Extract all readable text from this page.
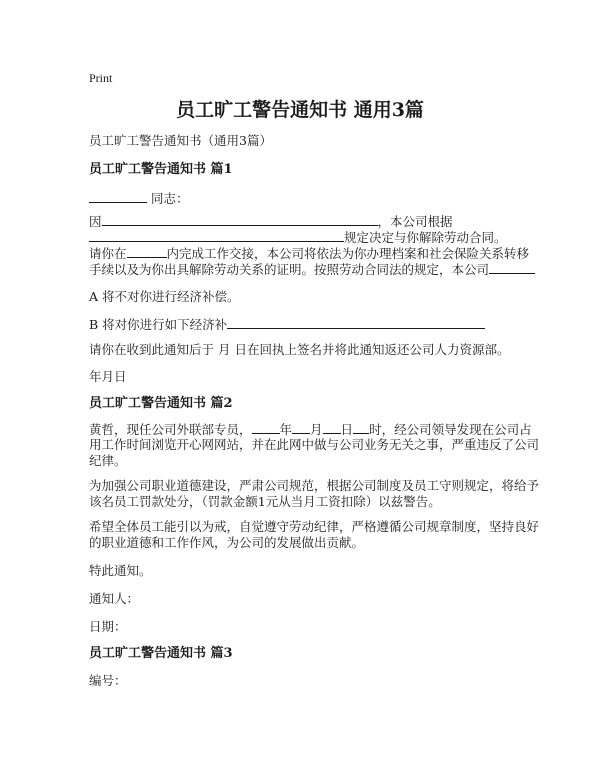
Print

员工旷工警告通知书 通用3篇

员工旷工警告通知书（通用3篇）

员工旷工警告通知书 篇1

同志：

因	，本公司根据

规定决定与你解除劳动合同。

请你在	内完成工作交接，本公司将依法为你办理档案和社会保险关系转移

手续以及为你出具解除劳动关系的证明。按照劳动合同法的规定，本公司

A 将不对你进行经济补偿。

B 将对你进行如下经济补

请你在收到此通知后于 月 日在回执上签名并将此通知返还公司人力资源部。

年月日

员工旷工警告通知书 篇2

黄哲，现任公司外联部专员， 年 月 日 时，经公司领导发现在公司占

用工作时间浏览开心网网站，并在此网中做与公司业务无关之事，严重违反了公司

纪律。

为加强公司职业道德建设，严肃公司规范，根据公司制度及员工守则规定，将给予

该名员工罚款处分，（罚款金额1元从当月工资扣除）以兹警告。

希望全体员工能引以为戒，自觉遵守劳动纪律，严格遵循公司规章制度，坚持良好

的职业道德和工作作风，为公司的发展做出贡献。

特此通知。

通知人：

日期：

员工旷工警告通知书 篇3

编号：
